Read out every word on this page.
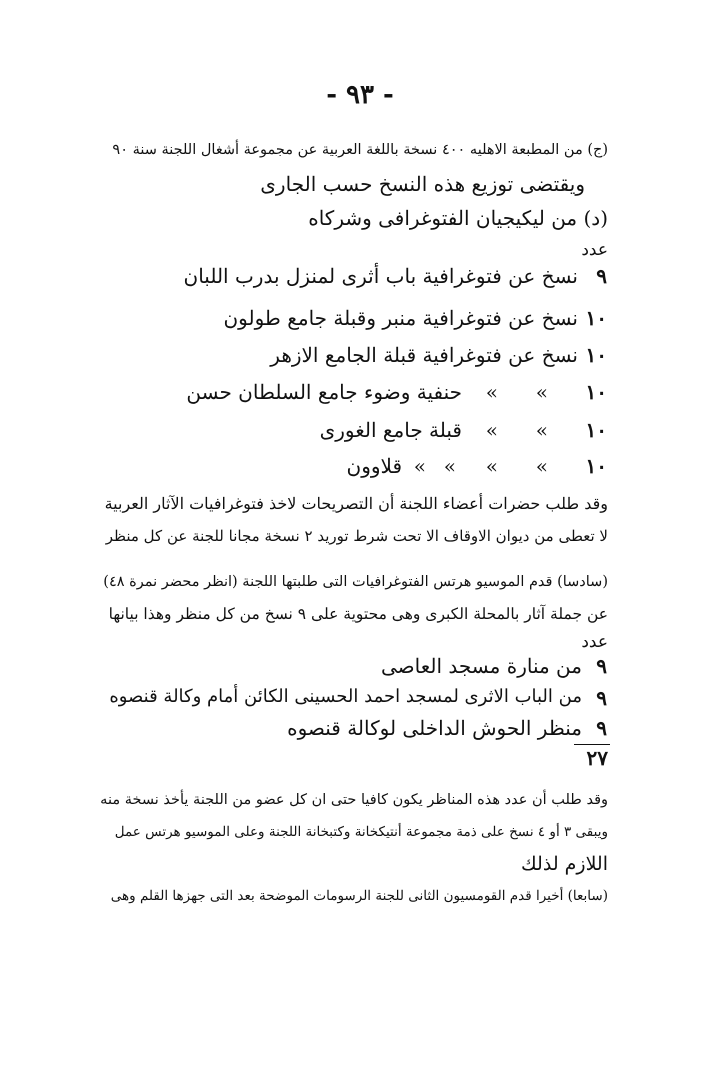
- ٩٣ -
(ج) من المطبعة الاهليه ٤٠٠ نسخة باللغة العربية عن مجموعة أشغال اللجنة سنة ٩٠
ويقتضى توزيع هذه النسخ حسب الجارى
(د) من ليكيجيان الفتوغرافى وشركاه
عدد
٩
نسخ عن فتوغرافية باب أثرى لمنزل بدرب اللبان
١٠
نسخ عن فتوغرافية منبر وقبلة جامع طولون
١٠
نسخ عن فتوغرافية قبلة الجامع الازهر
١٠
«
«
حنفية وضوء جامع السلطان حسن
١٠
«
«
قبلة جامع الغورى
١٠
«
«
«
«
قلاوون
وقد طلب حضرات أعضاء اللجنة أن التصريحات لاخذ فتوغرافيات الآثار العربية
لا تعطى من ديوان الاوقاف الا تحت شرط توريد ٢ نسخة مجانا للجنة عن كل منظر
(سادسا) قدم الموسيو هرتس الفتوغرافيات التى طلبتها اللجنة (انظر محضر نمرة ٤٨)
عن جملة آثار بالمحلة الكبرى وهى محتوية على ٩ نسخ من كل منظر وهذا بيانها
عدد
٩
من منارة مسجد العاصى
٩
من الباب الاثرى لمسجد احمد الحسينى الكائن أمام وكالة قنصوه
٩
منظر الحوش الداخلى لوكالة قنصوه
٢٧
وقد طلب أن عدد هذه المناظر يكون كافيا حتى ان كل عضو من اللجنة يأخذ نسخة منه
ويبقى ٣ أو ٤ نسخ على ذمة مجموعة أنتيكخانة وكتبخانة اللجنة وعلى الموسيو هرتس عمل
اللازم لذلك
(سابعا) أخيرا قدم القومسيون الثانى للجنة الرسومات الموضحة بعد التى جهزها القلم وهى
